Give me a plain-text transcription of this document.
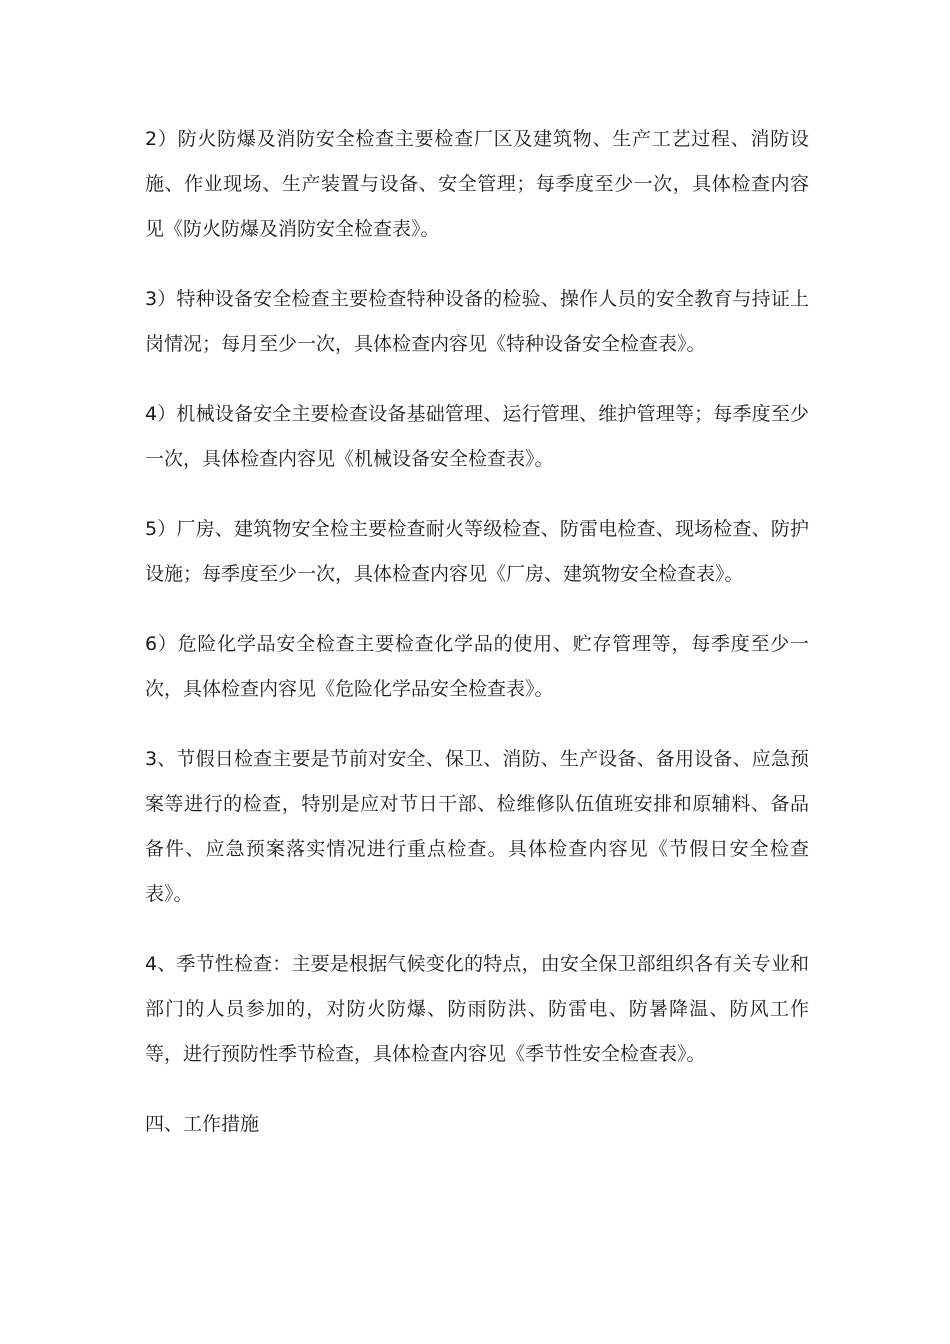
2）防火防爆及消防安全检查主要检查厂区及建筑物、生产工艺过程、消防设施、作业现场、生产装置与设备、安全管理；每季度至少一次，具体检查内容见《防火防爆及消防安全检查表》。

3）特种设备安全检查主要检查特种设备的检验、操作人员的安全教育与持证上岗情况；每月至少一次，具体检查内容见《特种设备安全检查表》。

4）机械设备安全主要检查设备基础管理、运行管理、维护管理等；每季度至少一次，具体检查内容见《机械设备安全检查表》。

5）厂房、建筑物安全检主要检查耐火等级检查、防雷电检查、现场检查、防护设施；每季度至少一次，具体检查内容见《厂房、建筑物安全检查表》。

6）危险化学品安全检查主要检查化学品的使用、贮存管理等，每季度至少一次，具体检查内容见《危险化学品安全检查表》。

3、节假日检查主要是节前对安全、保卫、消防、生产设备、备用设备、应急预案等进行的检查，特别是应对节日干部、检维修队伍值班安排和原辅料、备品备件、应急预案落实情况进行重点检查。具体检查内容见《节假日安全检查表》。

4、季节性检查：主要是根据气候变化的特点，由安全保卫部组织各有关专业和部门的人员参加的，对防火防爆、防雨防洪、防雷电、防暑降温、防风工作等，进行预防性季节检查，具体检查内容见《季节性安全检查表》。

四、工作措施
